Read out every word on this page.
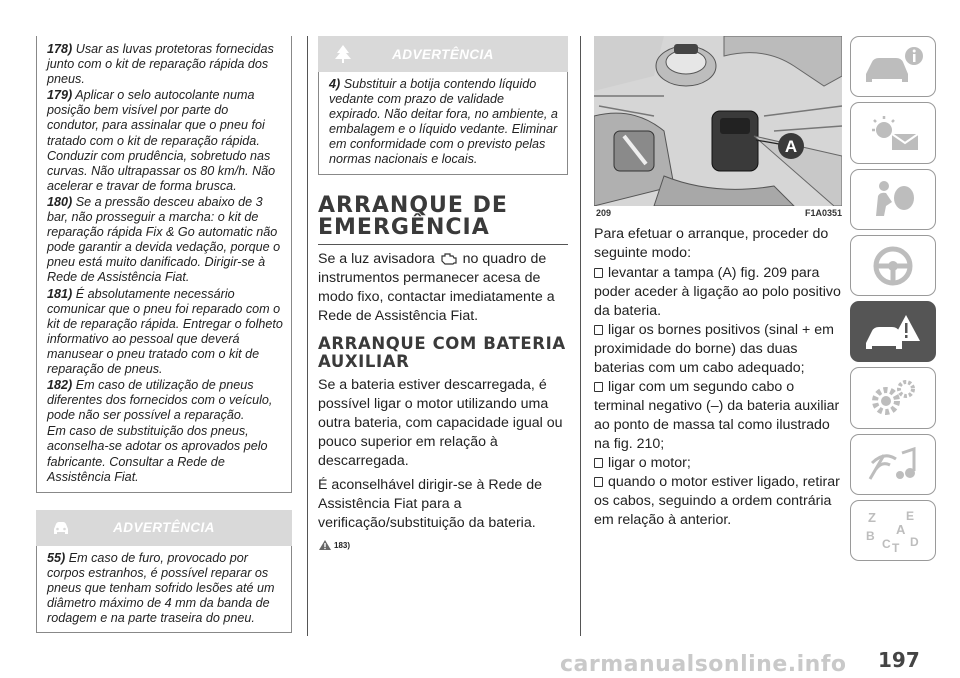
178) Usar as luvas protetoras fornecidas junto com o kit de reparação rápida dos pneus.

179) Aplicar o selo autocolante numa posição bem visível por parte do condutor, para assinalar que o pneu foi tratado com o kit de reparação rápida. Conduzir com prudência, sobretudo nas curvas. Não ultrapassar os 80 km/h. Não acelerar e travar de forma brusca.

180) Se a pressão desceu abaixo de 3 bar, não prosseguir a marcha: o kit de reparação rápida Fix & Go automatic não pode garantir a devida vedação, porque o pneu está muito danificado. Dirigir-se à Rede de Assistência Fiat.

181) É absolutamente necessário comunicar que o pneu foi reparado com o kit de reparação rápida. Entregar o folheto informativo ao pessoal que deverá manusear o pneu tratado com o kit de reparação de pneus.

182) Em caso de utilização de pneus diferentes dos fornecidos com o veículo, pode não ser possível a reparação.

Em caso de substituição dos pneus, aconselha-se adotar os aprovados pelo fabricante. Consultar a Rede de Assistência Fiat.

ADVERTÊNCIA
55) Em caso de furo, provocado por corpos estranhos, é possível reparar os pneus que tenham sofrido lesões até um diâmetro máximo de 4 mm da banda de rodagem e na parte traseira do pneu.
ADVERTÊNCIA
4) Substituir a botija contendo líquido vedante com prazo de validade expirado. Não deitar fora, no ambiente, a embalagem e o líquido vedante. Eliminar em conformidade com o previsto pelas normas nacionais e locais.
ARRANQUE DE EMERGÊNCIA

Se a luz avisadora no quadro de instrumentos permanecer acesa de modo fixo, contactar imediatamente a Rede de Assistência Fiat.

ARRANQUE COM BATERIA AUXILIAR

Se a bateria estiver descarregada, é possível ligar o motor utilizando uma outra bateria, com capacidade igual ou pouco superior em relação à descarregada.

É aconselhável dirigir-se à Rede de Assistência Fiat para a verificação/substituição da bateria.

183)

A
209	F1A0351

Para efetuar o arranque, proceder do seguinte modo:

levantar a tampa (A) fig. 209 para poder aceder à ligação ao polo positivo da bateria.

ligar os bornes positivos (sinal + em proximidade do borne) das duas baterias com um cabo adequado;

ligar com um segundo cabo o terminal negativo (–) da bateria auxiliar ao ponto de massa tal como ilustrado na fig. 210;

ligar o motor;

quando o motor estiver ligado, retirar os cabos, seguindo a ordem contrária em relação à anterior.	Z	E
A
B
C T D
carmanualsonline.info 197
